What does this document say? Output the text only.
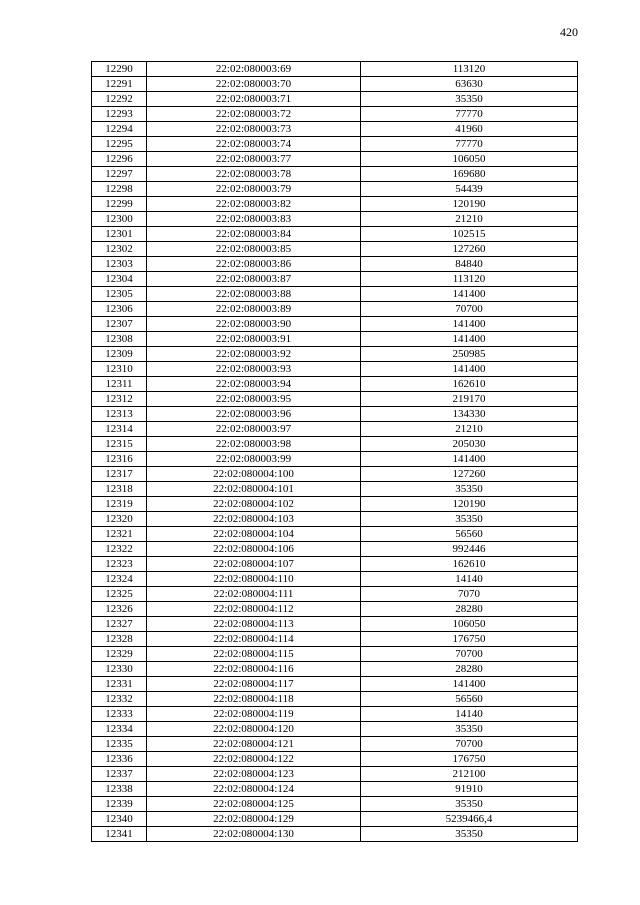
420
12290	22:02:080003:69	113120
12291	22:02:080003:70	63630
12292	22:02:080003:71	35350
12293	22:02:080003:72	77770
12294	22:02:080003:73	41960
12295	22:02:080003:74	77770
12296	22:02:080003:77	106050
12297	22:02:080003:78	169680
12298	22:02:080003:79	54439
12299	22:02:080003:82	120190
12300	22:02:080003:83	21210
12301	22:02:080003:84	102515
12302	22:02:080003:85	127260
12303	22:02:080003:86	84840
12304	22:02:080003:87	113120
12305	22:02:080003:88	141400
12306	22:02:080003:89	70700
12307	22:02:080003:90	141400
12308	22:02:080003:91	141400
12309	22:02:080003:92	250985
12310	22:02:080003:93	141400
12311	22:02:080003:94	162610
12312	22:02:080003:95	219170
12313	22:02:080003:96	134330
12314	22:02:080003:97	21210
12315	22:02:080003:98	205030
12316	22:02:080003:99	141400
12317	22:02:080004:100	127260
12318	22:02:080004:101	35350
12319	22:02:080004:102	120190
12320	22:02:080004:103	35350
12321	22:02:080004:104	56560
12322	22:02:080004:106	992446
12323	22:02:080004:107	162610
12324	22:02:080004:110	14140
12325	22:02:080004:111	7070
12326	22:02:080004:112	28280
12327	22:02:080004:113	106050
12328	22:02:080004:114	176750
12329	22:02:080004:115	70700
12330	22:02:080004:116	28280
12331	22:02:080004:117	141400
12332	22:02:080004:118	56560
12333	22:02:080004:119	14140
12334	22:02:080004:120	35350
12335	22:02:080004:121	70700
12336	22:02:080004:122	176750
12337	22:02:080004:123	212100
12338	22:02:080004:124	91910
12339	22:02:080004:125	35350
12340	22:02:080004:129	5239466,4
12341	22:02:080004:130	35350
